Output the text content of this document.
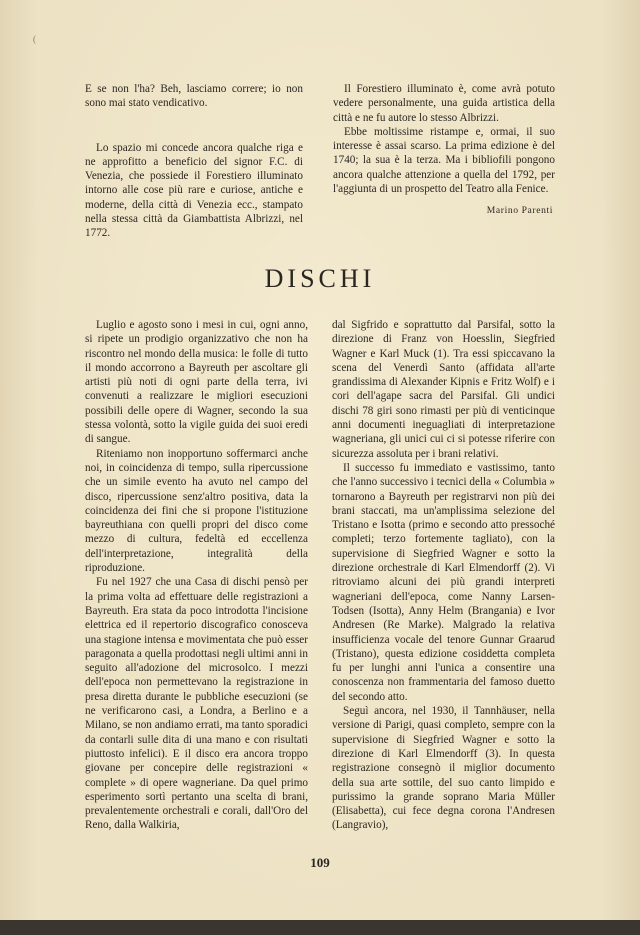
(

E se non l'ha? Beh, lasciamo correre; io non sono mai stato vendicativo.

Lo spazio mi concede ancora qualche riga e ne approfitto a beneficio del signor F.C. di Venezia, che possiede il Forestiero illuminato intorno alle cose più rare e curiose, antiche e moderne, della città di Venezia ecc., stampato nella stessa città da Giambattista Albrizzi, nel 1772.

Il Forestiero illuminato è, come avrà potuto vedere personalmente, una guida artistica della città e ne fu autore lo stesso Albrizzi.

Ebbe moltissime ristampe e, ormai, il suo interesse è assai scarso. La prima edizione è del 1740; la sua è la terza. Ma i bibliofili pongono ancora qualche attenzione a quella del 1792, per l'aggiunta di un prospetto del Teatro alla Fenice.

Marino Parenti

DISCHI

Luglio e agosto sono i mesi in cui, ogni anno, si ripete un prodigio organizzativo che non ha riscontro nel mondo della musica: le folle di tutto il mondo accorrono a Bayreuth per ascoltare gli artisti più noti di ogni parte della terra, ivi convenuti a realizzare le migliori esecuzioni possibili delle opere di Wagner, secondo la sua stessa volontà, sotto la vigile guida dei suoi eredi di sangue.

Riteniamo non inopportuno soffermarci anche noi, in coincidenza di tempo, sulla ripercussione che un simile evento ha avuto nel campo del disco, ripercussione senz'altro positiva, data la coincidenza dei fini che si propone l'istituzione bayreuthiana con quelli propri del disco come mezzo di cultura, fedeltà ed eccellenza dell'interpretazione, integralità della riproduzione.

Fu nel 1927 che una Casa di dischi pensò per la prima volta ad effettuare delle registrazioni a Bayreuth. Era stata da poco introdotta l'incisione elettrica ed il repertorio discografico conosceva una stagione intensa e movimentata che può esser paragonata a quella prodottasi negli ultimi anni in seguito all'adozione del microsolco. I mezzi dell'epoca non permettevano la registrazione in presa diretta durante le pubbliche esecuzioni (se ne verificarono casi, a Londra, a Berlino e a Milano, se non andiamo errati, ma tanto sporadici da contarli sulle dita di una mano e con risultati piuttosto infelici). E il disco era ancora troppo giovane per concepire delle registrazioni « complete » di opere wagneriane. Da quel primo esperimento sortì pertanto una scelta di brani, prevalentemente orchestrali e corali, dall'Oro del Reno, dalla Walkiria,

dal Sigfrido e soprattutto dal Parsifal, sotto la direzione di Franz von Hoesslin, Siegfried Wagner e Karl Muck (1). Tra essi spiccavano la scena del Venerdì Santo (affidata all'arte grandissima di Alexander Kipnis e Fritz Wolf) e i cori dell'agape sacra del Parsifal. Gli undici dischi 78 giri sono rimasti per più di venticinque anni documenti ineguagliati di interpretazione wagneriana, gli unici cui ci si potesse riferire con sicurezza assoluta per i brani relativi.

Il successo fu immediato e vastissimo, tanto che l'anno successivo i tecnici della « Columbia » tornarono a Bayreuth per registrarvi non più dei brani staccati, ma un'amplissima selezione del Tristano e Isotta (primo e secondo atto pressoché completi; terzo fortemente tagliato), con la supervisione di Siegfried Wagner e sotto la direzione orchestrale di Karl Elmendorff (2). Vi ritroviamo alcuni dei più grandi interpreti wagneriani dell'epoca, come Nanny Larsen-Todsen (Isotta), Anny Helm (Brangania) e Ivor Andresen (Re Marke). Malgrado la relativa insufficienza vocale del tenore Gunnar Graarud (Tristano), questa edizione cosiddetta completa fu per lunghi anni l'unica a consentire una conoscenza non frammentaria del famoso duetto del secondo atto.

Seguì ancora, nel 1930, il Tannhäuser, nella versione di Parigi, quasi completo, sempre con la supervisione di Siegfried Wagner e sotto la direzione di Karl Elmendorff (3). In questa registrazione consegnò il miglior documento della sua arte sottile, del suo canto limpido e purissimo la grande soprano Maria Müller (Elisabetta), cui fece degna corona l'Andresen (Langravio),

109
